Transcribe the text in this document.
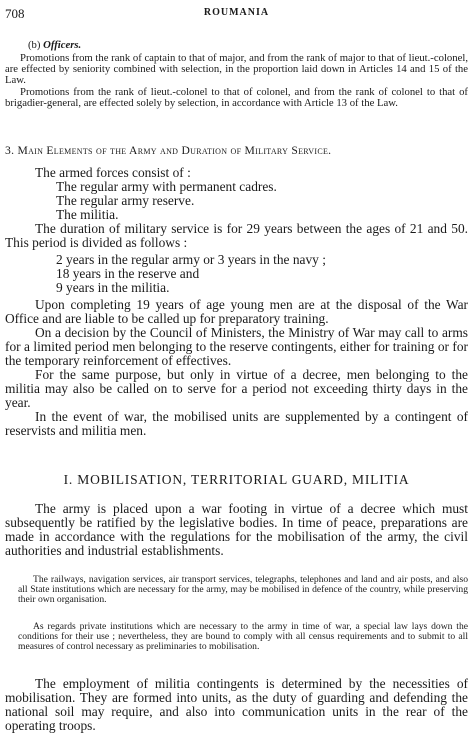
708	ROUMANIA
(b) Officers.

Promotions from the rank of captain to that of major, and from the rank of major to that of lieut.-colonel, are effected by seniority combined with selection, in the proportion laid down in Articles 14 and 15 of the Law.

Promotions from the rank of lieut.-colonel to that of colonel, and from the rank of colonel to that of brigadier-general, are effected solely by selection, in accordance with Article 13 of the Law.

3. Main Elements of the Army and Duration of Military Service.
The armed forces consist of :
The regular army with permanent cadres.
The regular army reserve.
The militia.

The duration of military service is for 29 years between the ages of 21 and 50. This period is divided as follows :

2 years in the regular army or 3 years in the navy ;
18 years in the reserve and
9 years in the militia.

Upon completing 19 years of age young men are at the disposal of the War Office and are liable to be called up for preparatory training.

On a decision by the Council of Ministers, the Ministry of War may call to arms for a limited period men belonging to the reserve contingents, either for training or for the temporary reinforcement of effectives.

For the same purpose, but only in virtue of a decree, men belonging to the militia may also be called on to serve for a period not exceeding thirty days in the year.

In the event of war, the mobilised units are supplemented by a contingent of reservists and militia men.

I. MOBILISATION, TERRITORIAL GUARD, MILITIA

The army is placed upon a war footing in virtue of a decree which must subsequently be ratified by the legislative bodies. In time of peace, preparations are made in accordance with the regulations for the mobilisation of the army, the civil authorities and industrial establishments.

The railways, navigation services, air transport services, telegraphs, telephones and land and air posts, and also all State institutions which are necessary for the army, may be mobilised in defence of the country, while preserving their own organisation.

As regards private institutions which are necessary to the army in time of war, a special law lays down the conditions for their use ; nevertheless, they are bound to comply with all census requirements and to submit to all measures of control necessary as preliminaries to mobilisation.

The employment of militia contingents is determined by the necessities of mobilisation. They are formed into units, as the duty of guarding and defending the national soil may require, and also into communication units in the rear of the operating troops.
